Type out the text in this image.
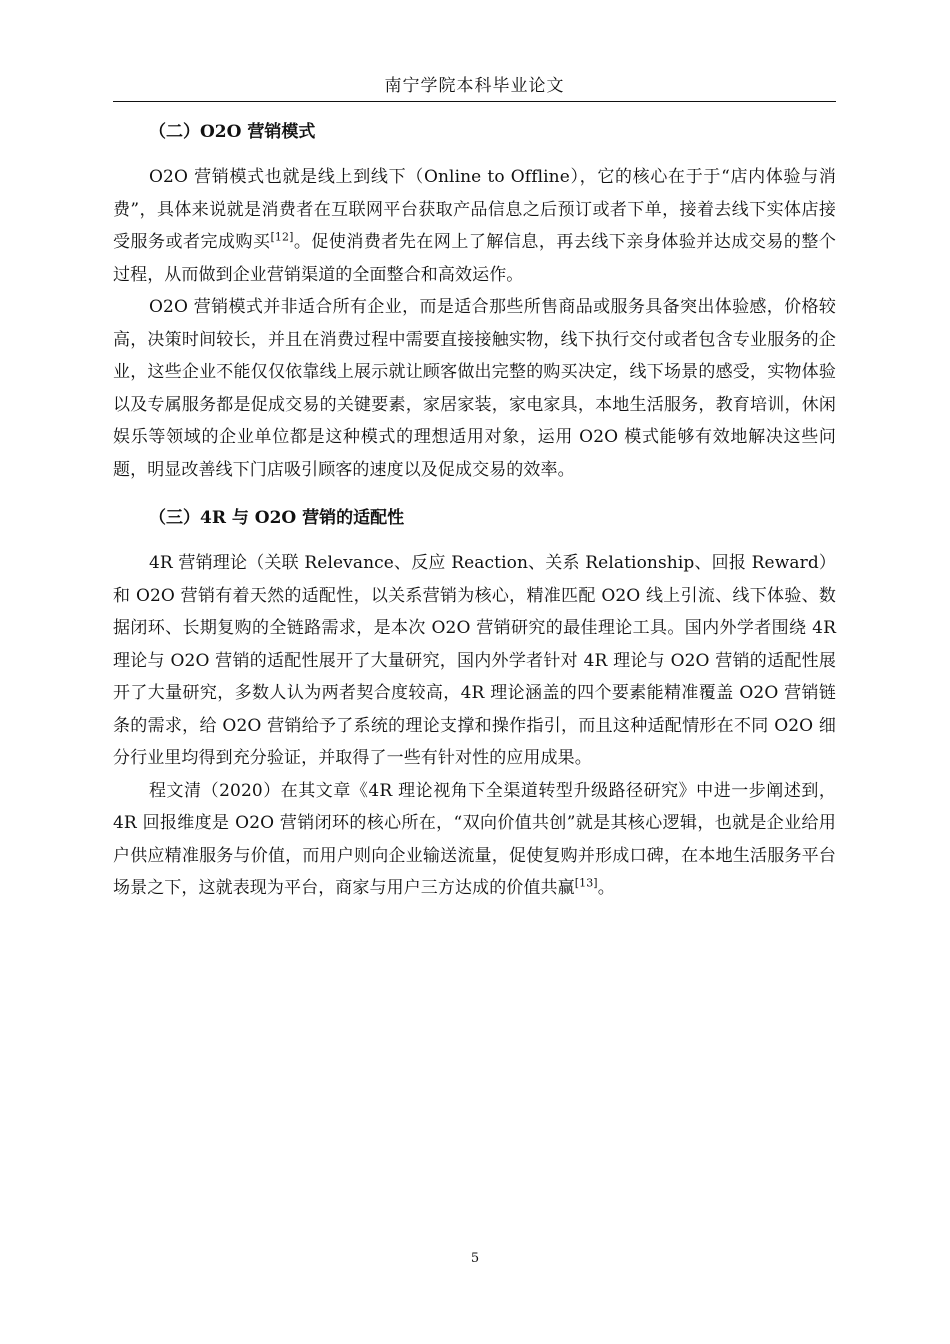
南宁学院本科毕业论文
（二）O2O 营销模式

O2O 营销模式也就是线上到线下（Online to Offline），它的核心在于于“店内体验与消费”，具体来说就是消费者在互联网平台获取产品信息之后预订或者下单，接着去线下实体店接受服务或者完成购买[12]。促使消费者先在网上了解信息，再去线下亲身体验并达成交易的整个过程，从而做到企业营销渠道的全面整合和高效运作。

O2O 营销模式并非适合所有企业，而是适合那些所售商品或服务具备突出体验感，价格较高，决策时间较长，并且在消费过程中需要直接接触实物，线下执行交付或者包含专业服务的企业，这些企业不能仅仅依靠线上展示就让顾客做出完整的购买决定，线下场景的感受，实物体验以及专属服务都是促成交易的关键要素，家居家装，家电家具，本地生活服务，教育培训，休闲娱乐等领域的企业单位都是这种模式的理想适用对象，运用 O2O 模式能够有效地解决这些问题，明显改善线下门店吸引顾客的速度以及促成交易的效率。

（三）4R 与 O2O 营销的适配性

4R 营销理论（关联 Relevance、反应 Reaction、关系 Relationship、回报 Reward）和 O2O 营销有着天然的适配性，以关系营销为核心，精准匹配 O2O 线上引流、线下体验、数据闭环、长期复购的全链路需求，是本次 O2O 营销研究的最佳理论工具。国内外学者围绕 4R 理论与 O2O 营销的适配性展开了大量研究，国内外学者针对 4R 理论与 O2O 营销的适配性展开了大量研究，多数人认为两者契合度较高，4R 理论涵盖的四个要素能精准覆盖 O2O 营销链条的需求，给 O2O 营销给予了系统的理论支撑和操作指引，而且这种适配情形在不同 O2O 细分行业里均得到充分验证，并取得了一些有针对性的应用成果。

程文清（2020）在其文章《4R 理论视角下全渠道转型升级路径研究》中进一步阐述到，4R 回报维度是 O2O 营销闭环的核心所在，“双向价值共创”就是其核心逻辑，也就是企业给用户供应精准服务与价值，而用户则向企业输送流量，促使复购并形成口碑，在本地生活服务平台场景之下，这就表现为平台，商家与用户三方达成的价值共赢[13]。

5
